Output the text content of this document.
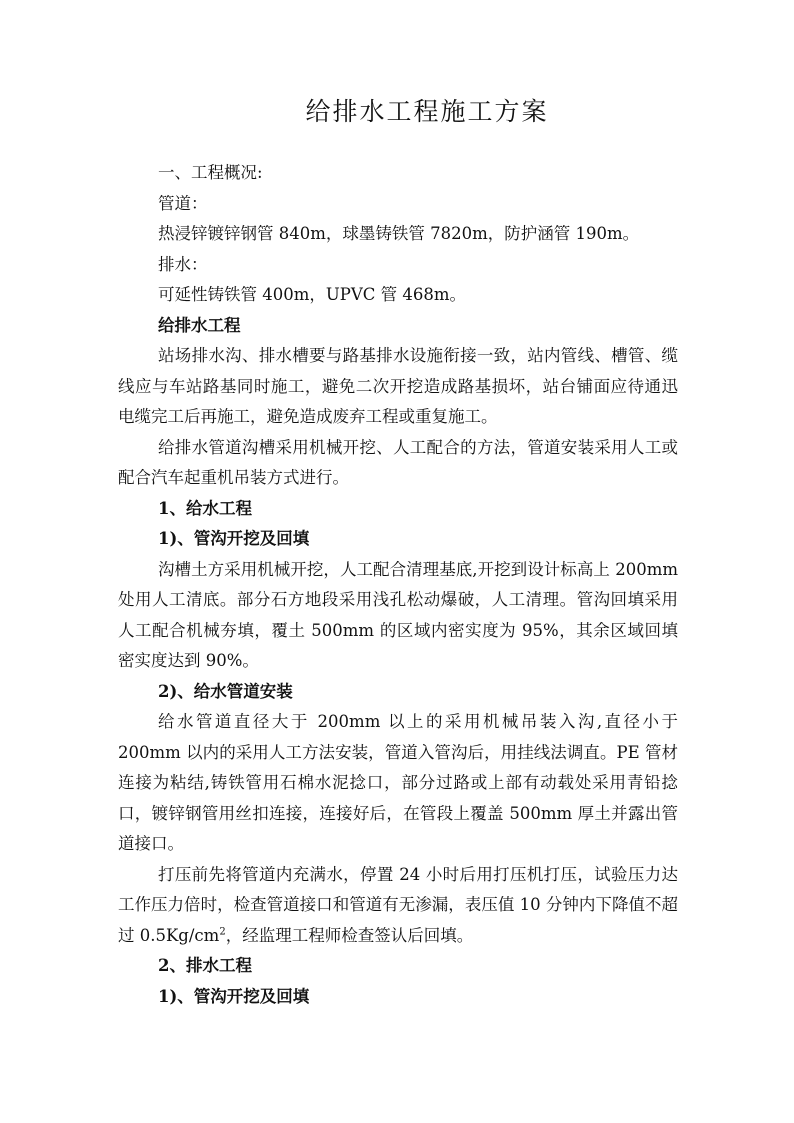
给排水工程施工方案

一、工程概况:

管道：

热浸锌镀锌钢管 840m，球墨铸铁管 7820m，防护涵管 190m。

排水：

可延性铸铁管 400m，UPVC 管 468m。

给排水工程

站场排水沟、排水槽要与路基排水设施衔接一致，站内管线、槽管、缆线应与车站路基同时施工，避免二次开挖造成路基损坏，站台铺面应待通迅电缆完工后再施工，避免造成废弃工程或重复施工。

给排水管道沟槽采用机械开挖、人工配合的方法，管道安装采用人工或配合汽车起重机吊装方式进行。

1、给水工程

1)、管沟开挖及回填

沟槽土方采用机械开挖，人工配合清理基底,开挖到设计标高上 200mm 处用人工清底。部分石方地段采用浅孔松动爆破，人工清理。管沟回填采用人工配合机械夯填，覆土 500mm 的区域内密实度为 95%，其余区域回填密实度达到 90%。

2)、给水管道安装

给水管道直径大于 200mm 以上的采用机械吊装入沟,直径小于 200mm 以内的采用人工方法安装，管道入管沟后，用挂线法调直。PE 管材连接为粘结,铸铁管用石棉水泥捻口，部分过路或上部有动载处采用青铅捻口，镀锌钢管用丝扣连接，连接好后，在管段上覆盖 500mm 厚土并露出管道接口。

打压前先将管道内充满水，停置 24 小时后用打压机打压，试验压力达工作压力倍时，检查管道接口和管道有无渗漏，表压值 10 分钟内下降值不超过 $0.5Kg/cm^2$，经监理工程师检查签认后回填。

2、排水工程

1)、管沟开挖及回填
